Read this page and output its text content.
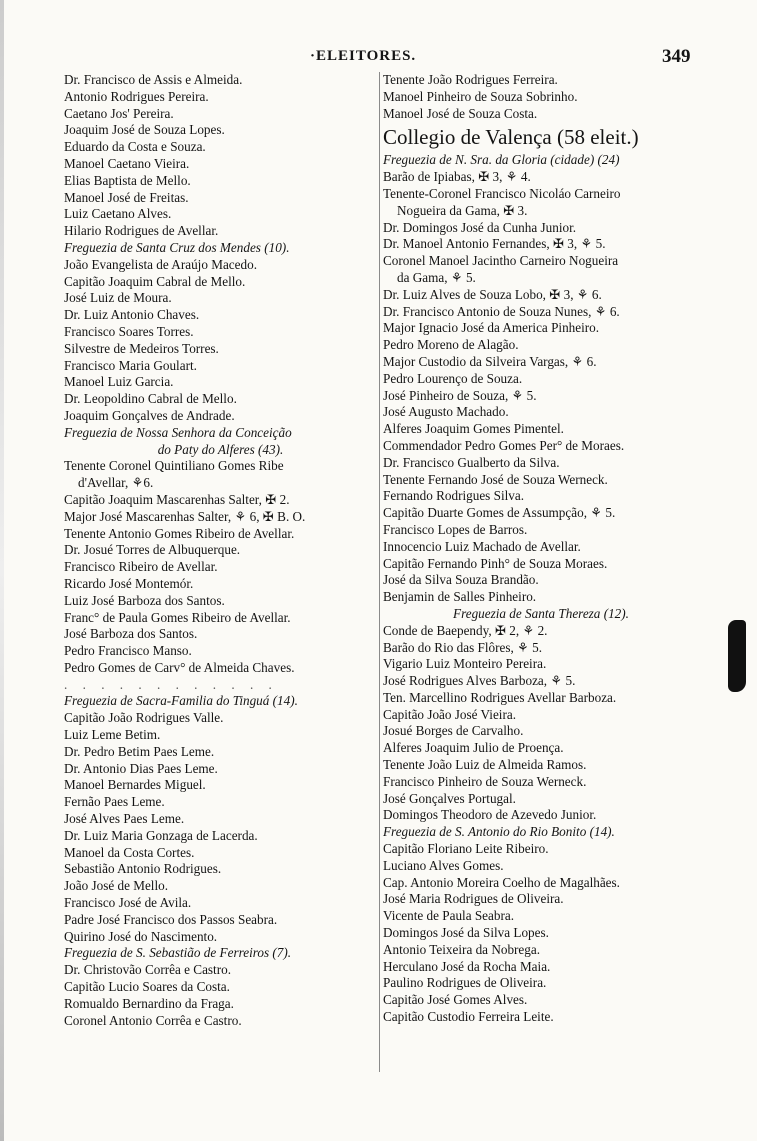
·ELEITORES.	349
Dr. Francisco de Assis e Almeida.
Antonio Rodrigues Pereira.
Caetano Jos' Pereira.
Joaquim José de Souza Lopes.
Eduardo da Costa e Souza.
Manoel Caetano Vieira.
Elias Baptista de Mello.
Manoel José de Freitas.
Luiz Caetano Alves.
Hilario Rodrigues de Avellar.
Freguezia de Santa Cruz dos Mendes (10).
João Evangelista de Araújo Macedo.
Capitão Joaquim Cabral de Mello.
José Luiz de Moura.
Dr. Luiz Antonio Chaves.
Francisco Soares Torres.
Silvestre de Medeiros Torres.
Francisco Maria Goulart.
Manoel Luiz Garcia.
Dr. Leopoldino Cabral de Mello.
Joaquim Gonçalves de Andrade.
Freguezia de Nossa Senhora da Conceição
do Paty do Alferes (43).
Tenente Coronel Quintiliano Gomes Ribe
d'Avellar, ⚘6.
Capitão Joaquim Mascarenhas Salter, ✠ 2.
Major José Mascarenhas Salter, ⚘ 6, ✠ B. O.
Tenente Antonio Gomes Ribeiro de Avellar.
Dr. Josué Torres de Albuquerque.
Francisco Ribeiro de Avellar.
Ricardo José Montemór.
Luiz José Barboza dos Santos.
Franc° de Paula Gomes Ribeiro de Avellar.
José Barboza dos Santos.
Pedro Francisco Manso.
Pedro Gomes de Carv° de Almeida Chaves.
. . . . . . . . . . . .
Freguezia de Sacra-Familia do Tinguá (14).
Capitão João Rodrigues Valle.
Luiz Leme Betim.
Dr. Pedro Betim Paes Leme.
Dr. Antonio Dias Paes Leme.
Manoel Bernardes Miguel.
Fernão Paes Leme.
José Alves Paes Leme.
Dr. Luiz Maria Gonzaga de Lacerda.
Manoel da Costa Cortes.
Sebastião Antonio Rodrigues.
João José de Mello.
Francisco José de Avila.
Padre José Francisco dos Passos Seabra.
Quirino José do Nascimento.
Freguezia de S. Sebastião de Ferreiros (7).
Dr. Christovão Corrêa e Castro.
Capitão Lucio Soares da Costa.
Romualdo Bernardino da Fraga.
Coronel Antonio Corrêa e Castro.
Tenente João Rodrigues Ferreira.
Manoel Pinheiro de Souza Sobrinho.
Manoel José de Souza Costa.
Collegio de Valença (58 eleit.)
Freguezia de N. Sra. da Gloria (cidade) (24)
Barão de Ipiabas, ✠ 3, ⚘ 4.
Tenente-Coronel Francisco Nicoláo Carneiro
Nogueira da Gama, ✠ 3.
Dr. Domingos José da Cunha Junior.
Dr. Manoel Antonio Fernandes, ✠ 3, ⚘ 5.
Coronel Manoel Jacintho Carneiro Nogueira
da Gama, ⚘ 5.
Dr. Luiz Alves de Souza Lobo, ✠ 3, ⚘ 6.
Dr. Francisco Antonio de Souza Nunes, ⚘ 6.
Major Ignacio José da America Pinheiro.
Pedro Moreno de Alagão.
Major Custodio da Silveira Vargas, ⚘ 6.
Pedro Lourenço de Souza.
José Pinheiro de Souza, ⚘ 5.
José Augusto Machado.
Alferes Joaquim Gomes Pimentel.
Commendador Pedro Gomes Per° de Moraes.
Dr. Francisco Gualberto da Silva.
Tenente Fernando José de Souza Werneck.
Fernando Rodrigues Silva.
Capitão Duarte Gomes de Assumpção, ⚘ 5.
Francisco Lopes de Barros.
Innocencio Luiz Machado de Avellar.
Capitão Fernando Pinh° de Souza Moraes.
José da Silva Souza Brandão.
Benjamin de Salles Pinheiro.
Freguezia de Santa Thereza (12).
Conde de Baependy, ✠ 2, ⚘ 2.
Barão do Rio das Flôres, ⚘ 5.
Vigario Luiz Monteiro Pereira.
José Rodrigues Alves Barboza, ⚘ 5.
Ten. Marcellino Rodrigues Avellar Barboza.
Capitão João José Vieira.
Josué Borges de Carvalho.
Alferes Joaquim Julio de Proença.
Tenente João Luiz de Almeida Ramos.
Francisco Pinheiro de Souza Werneck.
José Gonçalves Portugal.
Domingos Theodoro de Azevedo Junior.
Freguezia de S. Antonio do Rio Bonito (14).
Capitão Floriano Leite Ribeiro.
Luciano Alves Gomes.
Cap. Antonio Moreira Coelho de Magalhães.
José Maria Rodrigues de Oliveira.
Vicente de Paula Seabra.
Domingos José da Silva Lopes.
Antonio Teixeira da Nobrega.
Herculano José da Rocha Maia.
Paulino Rodrigues de Oliveira.
Capitão José Gomes Alves.
Capitão Custodio Ferreira Leite.
